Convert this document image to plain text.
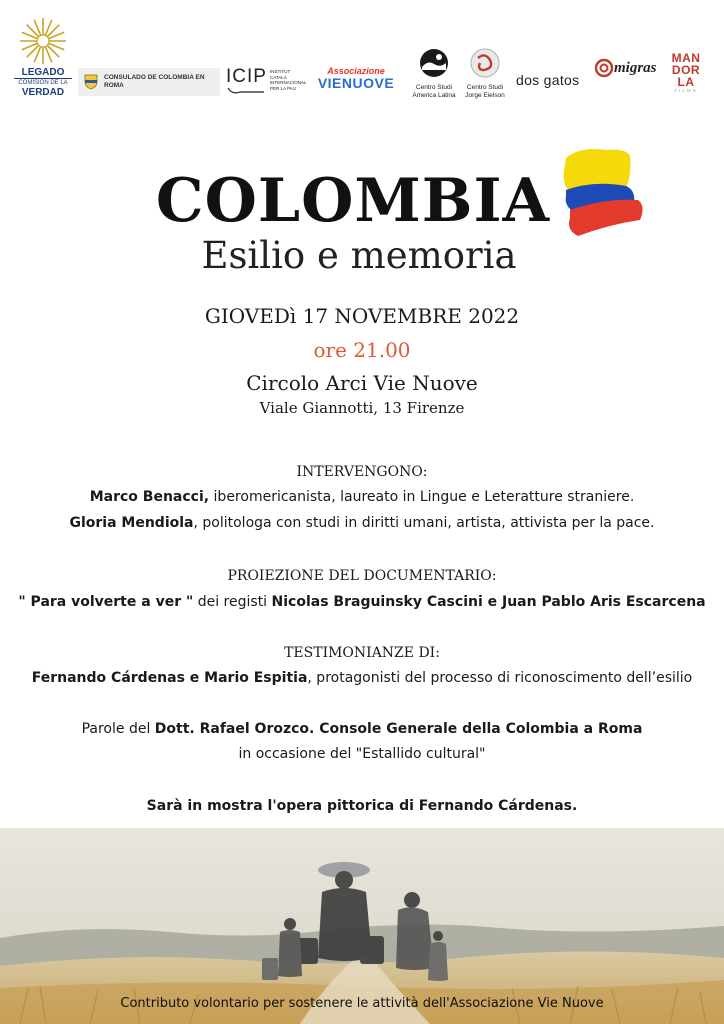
LEGADO
COMISIÓN DE LA
VERDAD
CONSULADO DE COLOMBIA EN ROMA	ICIP INSTITUT CATALÀ INTERNACIONAL PER LA PAU
Associazione
VIENUOVE	Centro Studi America Latina
Centro Studi Jorge Eielson
dos gatos
migras
MAN
DOR
LA
FILMS
COLOMBIA
Esilio e memoria
GIOVEDì 17 NOVEMBRE 2022
ore 21.00
Circolo Arci Vie Nuove
Viale Giannotti, 13 Firenze
INTERVENGONO:
Marco Benacci, iberomericanista, laureato in Lingue e Leteratture straniere.
Gloria Mendiola, politologa con studi in diritti umani, artista, attivista per la pace.
PROIEZIONE DEL DOCUMENTARIO:
" Para volverte a ver " dei registi Nicolas Braguinsky Cascini e Juan Pablo Aris Escarcena
TESTIMONIANZE DI:
Fernando Cárdenas e Mario Espitia, protagonisti del processo di riconoscimento dell’esilio
Parole del Dott. Rafael Orozco. Console Generale della Colombia a Roma
in occasione del "Estallido cultural"
Sarà in mostra l'opera pittorica di Fernando Cárdenas.
Contributo volontario per sostenere le attività dell'Associazione Vie Nuove
